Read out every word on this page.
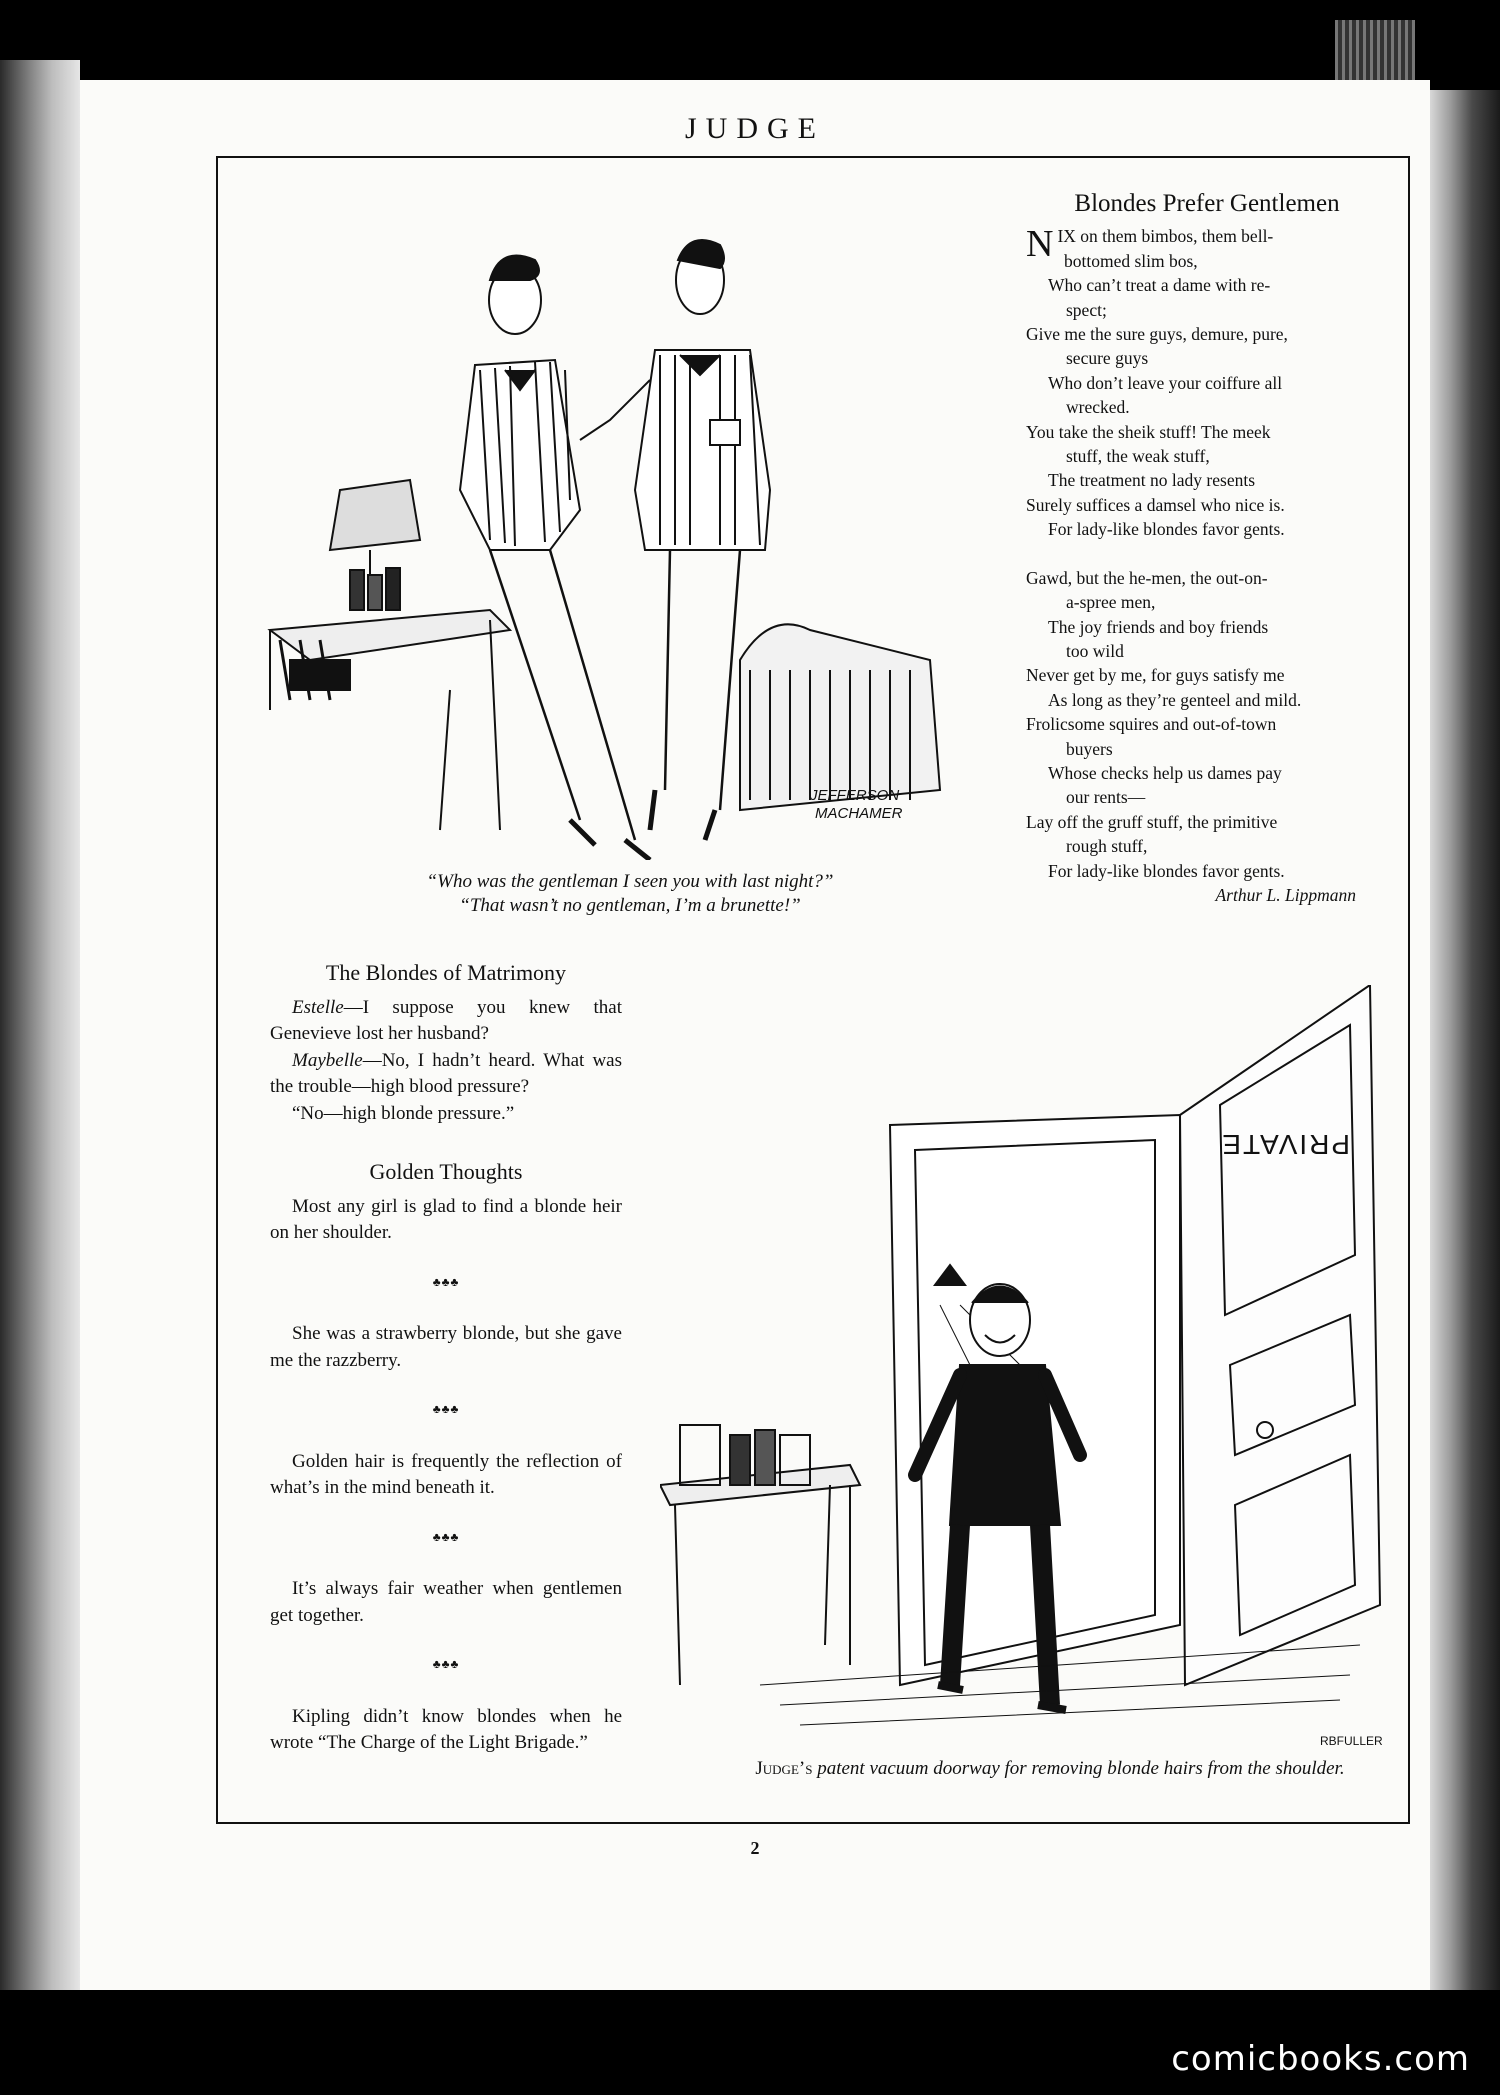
JUDGE
JEFFERSON
MACHAMER
“Who was the gentleman I seen you with last night?”
“That wasn’t no gentleman, I’m a brunette!”
Blondes Prefer Gentlemen
NIX on them bimbos, them bell-
bottomed slim bos,
Who can’t treat a dame with re-
spect;
Give me the sure guys, demure, pure,
secure guys
Who don’t leave your coiffure all
wrecked.
You take the sheik stuff! The meek
stuff, the weak stuff,
The treatment no lady resents
Surely suffices a damsel who nice is.
For lady-like blondes favor gents.
Gawd, but the he-men, the out-on-
a-spree men,
The joy friends and boy friends
too wild
Never get by me, for guys satisfy me
As long as they’re genteel and mild.
Frolicsome squires and out-of-town
buyers
Whose checks help us dames pay
our rents—
Lay off the gruff stuff, the primitive
rough stuff,
For lady-like blondes favor gents.
Arthur L. Lippmann
The Blondes of Matrimony

Estelle—I suppose you knew that Genevieve lost her husband?

Maybelle—No, I hadn’t heard. What was the trouble—high blood pressure?

“No—high blonde pressure.”

Golden Thoughts

Most any girl is glad to find a blonde heir on her shoulder.

♣♣♣

She was a strawberry blonde, but she gave me the razzberry.

♣♣♣

Golden hair is frequently the reflection of what’s in the mind beneath it.

♣♣♣

It’s always fair weather when gentlemen get together.

♣♣♣

Kipling didn’t know blondes when he wrote “The Charge of the Light Brigade.”

PRIVATE
RBFULLER
Judge’s patent vacuum doorway for removing blonde hairs from the shoulder.
2
comicbooks.com
